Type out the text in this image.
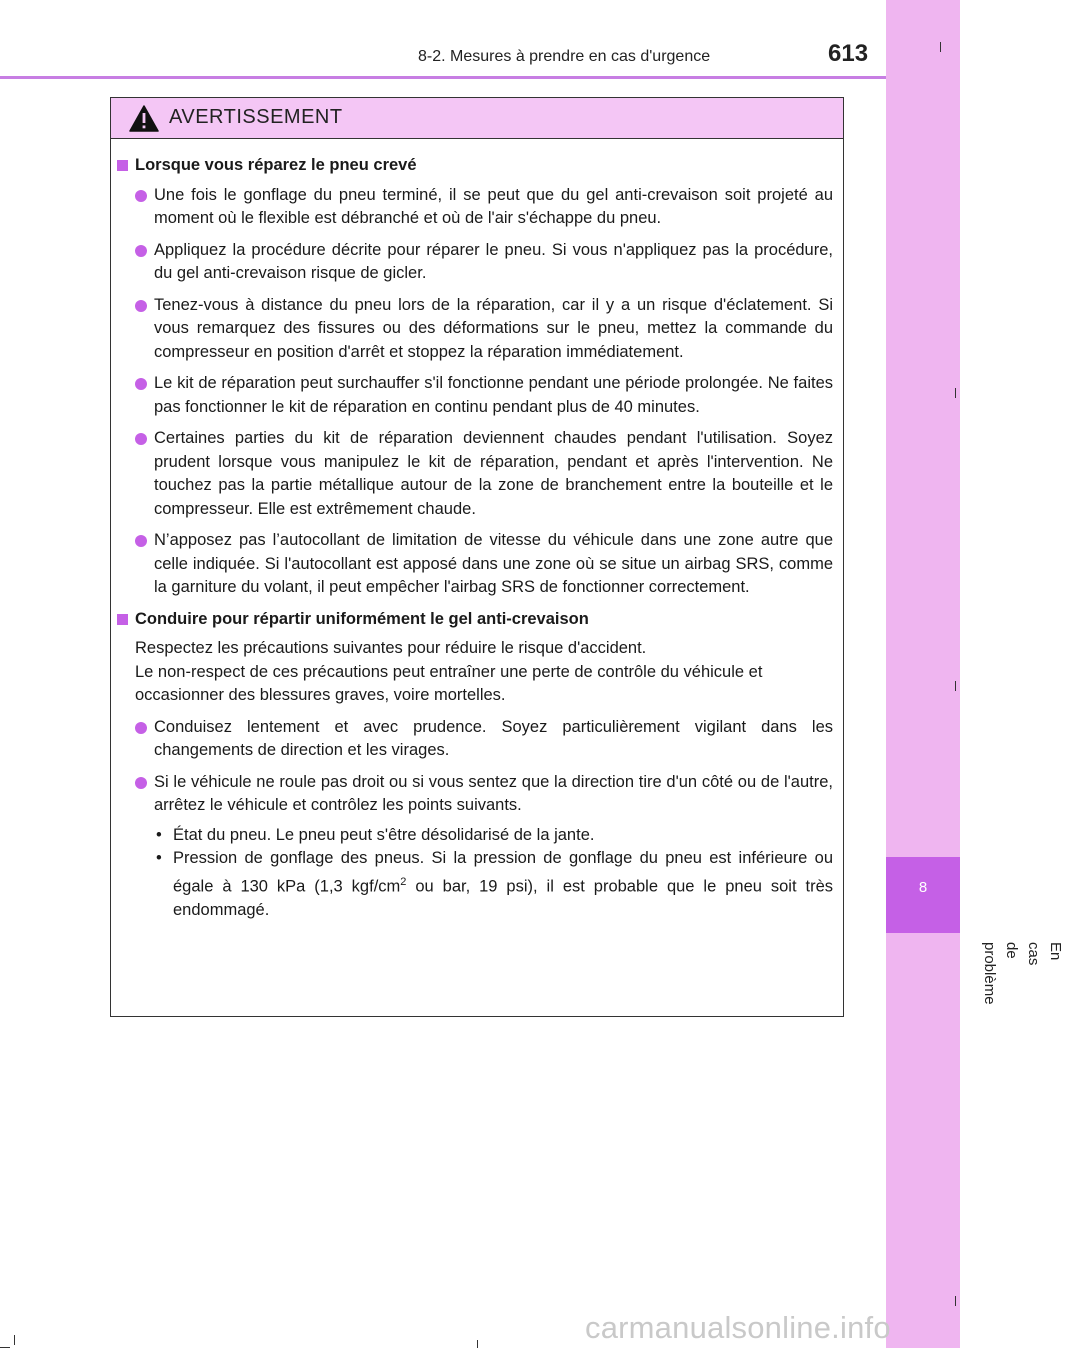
8
En cas de problème
8-2. Mesures à prendre en cas d'urgence	613
AVERTISSEMENT
Lorsque vous réparez le pneu crevé
Une fois le gonflage du pneu terminé, il se peut que du gel anti-crevaison soit projeté au moment où le flexible est débranché et où de l'air s'échappe du pneu.
Appliquez la procédure décrite pour réparer le pneu. Si vous n'appliquez pas la procédure, du gel anti-crevaison risque de gicler.
Tenez-vous à distance du pneu lors de la réparation, car il y a un risque d'éclatement. Si vous remarquez des fissures ou des déformations sur le pneu, mettez la commande du compresseur en position d'arrêt et stoppez la réparation immédiatement.
Le kit de réparation peut surchauffer s'il fonctionne pendant une période prolongée. Ne faites pas fonctionner le kit de réparation en continu pendant plus de 40 minutes.
Certaines parties du kit de réparation deviennent chaudes pendant l'utilisation. Soyez prudent lorsque vous manipulez le kit de réparation, pendant et après l'intervention. Ne touchez pas la partie métallique autour de la zone de branchement entre la bouteille et le compresseur. Elle est extrêmement chaude.
N’apposez pas l’autocollant de limitation de vitesse du véhicule dans une zone autre que celle indiquée. Si l'autocollant est apposé dans une zone où se situe un airbag SRS, comme la garniture du volant, il peut empêcher l'airbag SRS de fonctionner correctement.
Conduire pour répartir uniformément le gel anti-crevaison
Respectez les précautions suivantes pour réduire le risque d'accident.
Le non-respect de ces précautions peut entraîner une perte de contrôle du véhicule et occasionner des blessures graves, voire mortelles.
Conduisez lentement et avec prudence. Soyez particulièrement vigilant dans les changements de direction et les virages.
Si le véhicule ne roule pas droit ou si vous sentez que la direction tire d'un côté ou de l'autre, arrêtez le véhicule et contrôlez les points suivants.
• État du pneu. Le pneu peut s'être désolidarisé de la jante.
• Pression de gonflage des pneus. Si la pression de gonflage du pneu est inférieure ou égale à 130 kPa (1,3 kgf/$cm^2$ ou bar, 19 psi), il est probable que le pneu soit très endommagé.
carmanualsonline.info
